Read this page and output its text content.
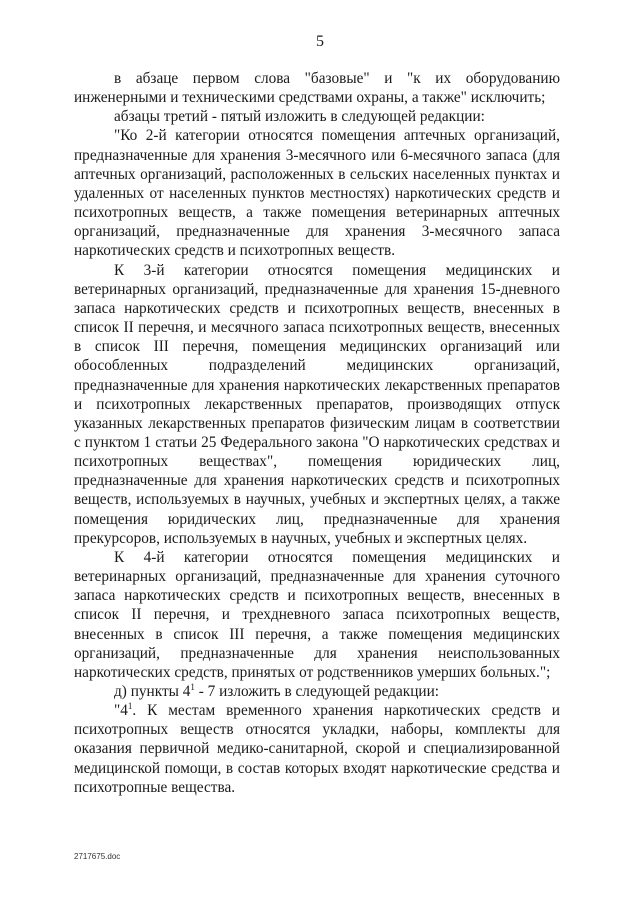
5

в абзаце первом слова "базовые" и "к их оборудованию инженерными и техническими средствами охраны, а также" исключить;

абзацы третий - пятый изложить в следующей редакции:

"Ко 2-й категории относятся помещения аптечных организаций, предназначенные для хранения 3-месячного или 6-месячного запаса (для аптечных организаций, расположенных в сельских населенных пунктах и удаленных от населенных пунктов местностях) наркотических средств и психотропных веществ, а также помещения ветеринарных аптечных организаций, предназначенные для хранения 3-месячного запаса наркотических средств и психотропных веществ.

К 3-й категории относятся помещения медицинских и ветеринарных организаций, предназначенные для хранения 15-дневного запаса наркотических средств и психотропных веществ, внесенных в список II перечня, и месячного запаса психотропных веществ, внесенных в список III перечня, помещения медицинских организаций или обособленных подразделений медицинских организаций, предназначенные для хранения наркотических лекарственных препаратов и психотропных лекарственных препаратов, производящих отпуск указанных лекарственных препаратов физическим лицам в соответствии с пунктом 1 статьи 25 Федерального закона "О наркотических средствах и психотропных веществах", помещения юридических лиц, предназначенные для хранения наркотических средств и психотропных веществ, используемых в научных, учебных и экспертных целях, а также помещения юридических лиц, предназначенные для хранения прекурсоров, используемых в научных, учебных и экспертных целях.

К 4-й категории относятся помещения медицинских и ветеринарных организаций, предназначенные для хранения суточного запаса наркотических средств и психотропных веществ, внесенных в список II перечня, и трехдневного запаса психотропных веществ, внесенных в список III перечня, а также помещения медицинских организаций, предназначенные для хранения неиспользованных наркотических средств, принятых от родственников умерших больных.";

д) пункты $4^1 - 7$ изложить в следующей редакции:

"$4^1$. К местам временного хранения наркотических средств и психотропных веществ относятся укладки, наборы, комплекты для оказания первичной медико-санитарной, скорой и специализированной медицинской помощи, в состав которых входят наркотические средства и психотропные вещества.

2717675.doc
